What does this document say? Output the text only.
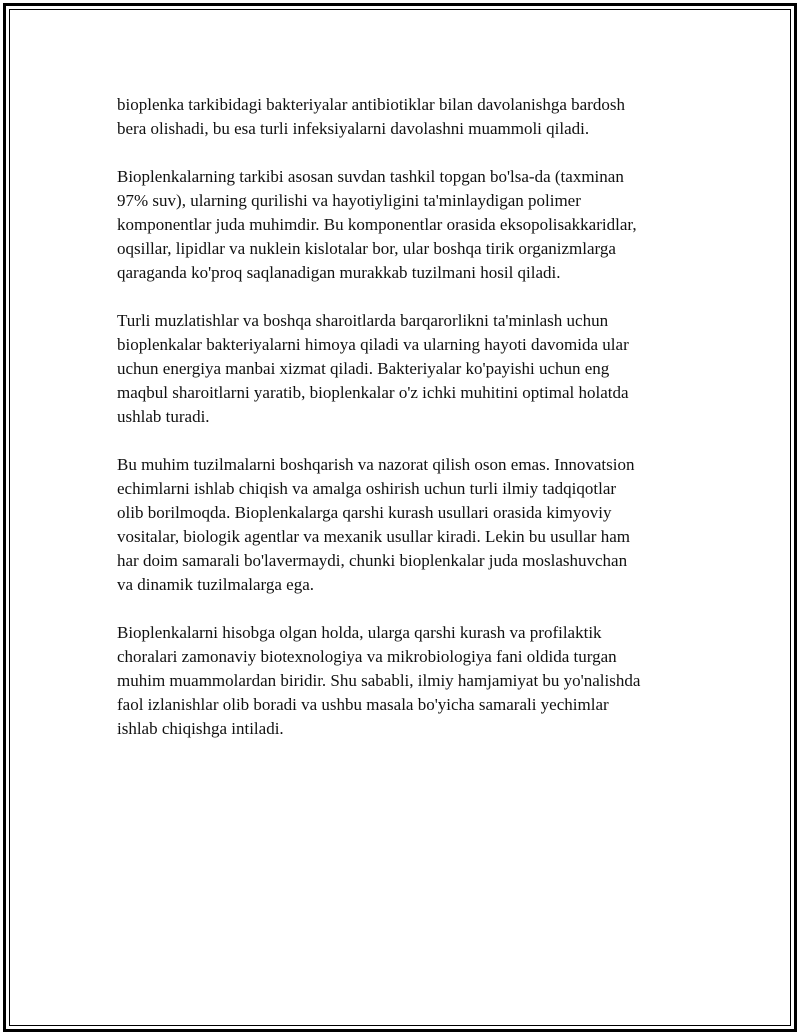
bioplenka tarkibidagi bakteriyalar antibiotiklar bilan davolanishga bardosh
bera olishadi, bu esa turli infeksiyalarni davolashni muammoli qiladi.

Bioplenkalarning tarkibi asosan suvdan tashkil topgan bo'lsa-da (taxminan
97% suv), ularning qurilishi va hayotiyligini ta'minlaydigan polimer
komponentlar juda muhimdir. Bu komponentlar orasida eksopolisakkaridlar,
oqsillar, lipidlar va nuklein kislotalar bor, ular boshqa tirik organizmlarga
qaraganda ko'proq saqlanadigan murakkab tuzilmani hosil qiladi.

Turli muzlatishlar va boshqa sharoitlarda barqarorlikni ta'minlash uchun
bioplenkalar bakteriyalarni himoya qiladi va ularning hayoti davomida ular
uchun energiya manbai xizmat qiladi. Bakteriyalar ko'payishi uchun eng
maqbul sharoitlarni yaratib, bioplenkalar o'z ichki muhitini optimal holatda
ushlab turadi.

Bu muhim tuzilmalarni boshqarish va nazorat qilish oson emas. Innovatsion
echimlarni ishlab chiqish va amalga oshirish uchun turli ilmiy tadqiqotlar
olib borilmoqda. Bioplenkalarga qarshi kurash usullari orasida kimyoviy
vositalar, biologik agentlar va mexanik usullar kiradi. Lekin bu usullar ham
har doim samarali bo'lavermaydi, chunki bioplenkalar juda moslashuvchan
va dinamik tuzilmalarga ega.

Bioplenkalarni hisobga olgan holda, ularga qarshi kurash va profilaktik
choralari zamonaviy biotexnologiya va mikrobiologiya fani oldida turgan
muhim muammolardan biridir. Shu sababli, ilmiy hamjamiyat bu yo'nalishda
faol izlanishlar olib boradi va ushbu masala bo'yicha samarali yechimlar
ishlab chiqishga intiladi.
